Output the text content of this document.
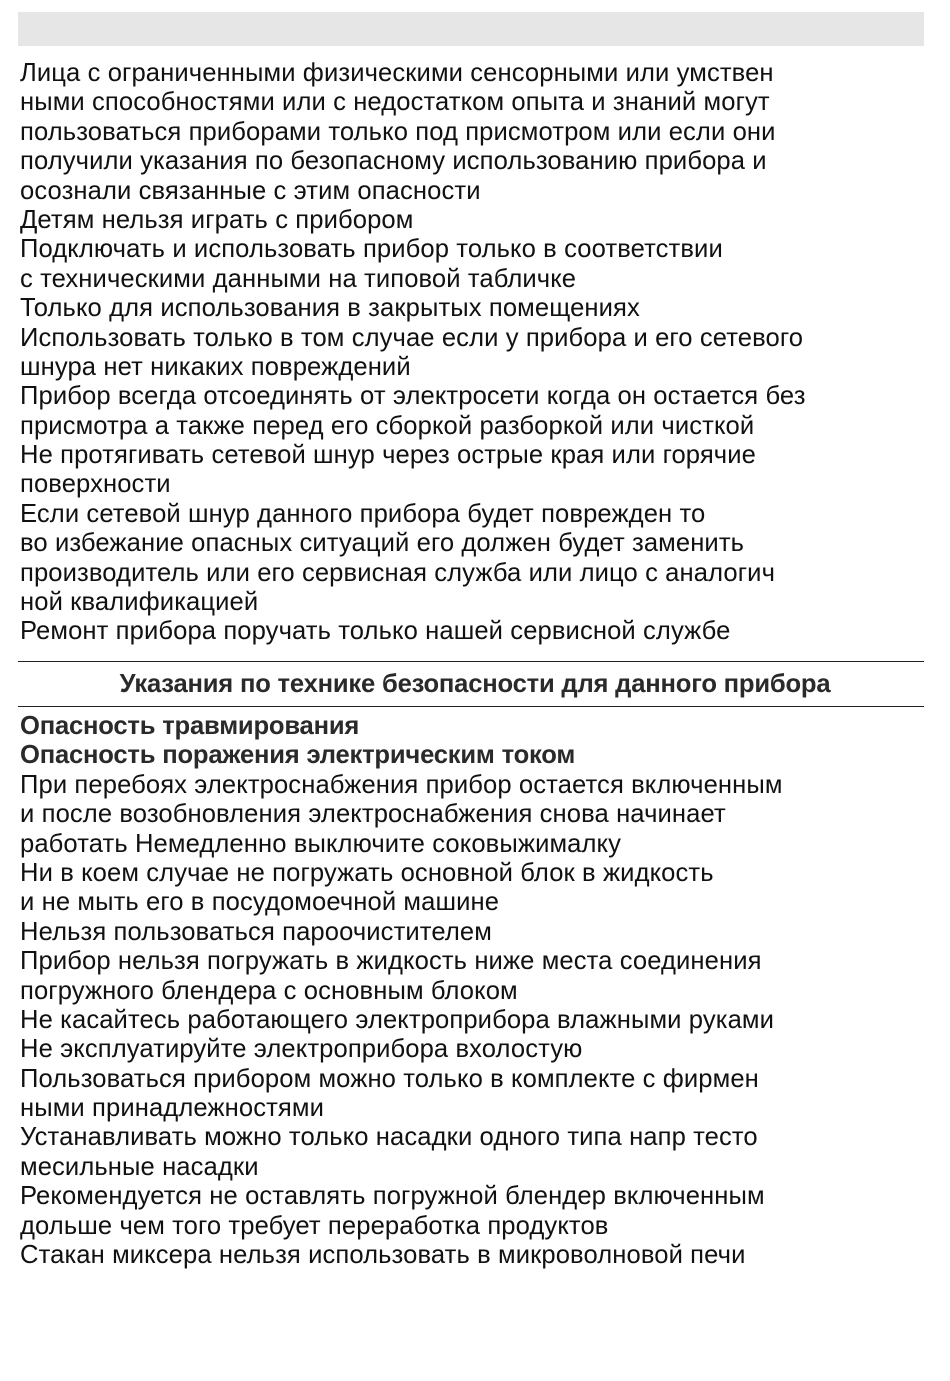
Лица с ограниченными физическими сенсорными или умствен
ными способностями или с недостатком опыта и знаний могут
пользоваться приборами только под присмотром или если они
получили указания по безопасному использованию прибора и
осознали связанные с этим опасности
Детям нельзя играть с прибором
Подключать и использовать прибор только в соответствии
с техническими данными на типовой табличке
Только для использования в закрытых помещениях
Использовать только в том случае если у прибора и его сетевого
шнура нет никаких повреждений
Прибор всегда отсоединять от электросети когда он остается без
присмотра а также перед его сборкой разборкой или чисткой
Не протягивать сетевой шнур через острые края или горячие
поверхности
Если сетевой шнур данного прибора будет поврежден то
во избежание опасных ситуаций его должен будет заменить
производитель или его сервисная служба или лицо с аналогич
ной квалификацией
Ремонт прибора поручать только нашей сервисной службе
Указания по технике безопасности для данного прибора
Опасность травмирования
Опасность поражения электрическим током
При перебоях электроснабжения прибор остается включенным
и после возобновления электроснабжения снова начинает
работать Немедленно выключите соковыжималку
Ни в коем случае не погружать основной блок в жидкость
и не мыть его в посудомоечной машине
Нельзя пользоваться пароочистителем
Прибор нельзя погружать в жидкость ниже места соединения
погружного блендера с основным блоком
Не касайтесь работающего электроприбора влажными руками
Не эксплуатируйте электроприбора вхолостую
Пользоваться прибором можно только в комплекте с фирмен
ными принадлежностями
Устанавливать можно только насадки одного типа напр тесто
месильные насадки
Рекомендуется не оставлять погружной блендер включенным
дольше чем того требует переработка продуктов
Стакан миксера нельзя использовать в микроволновой печи
